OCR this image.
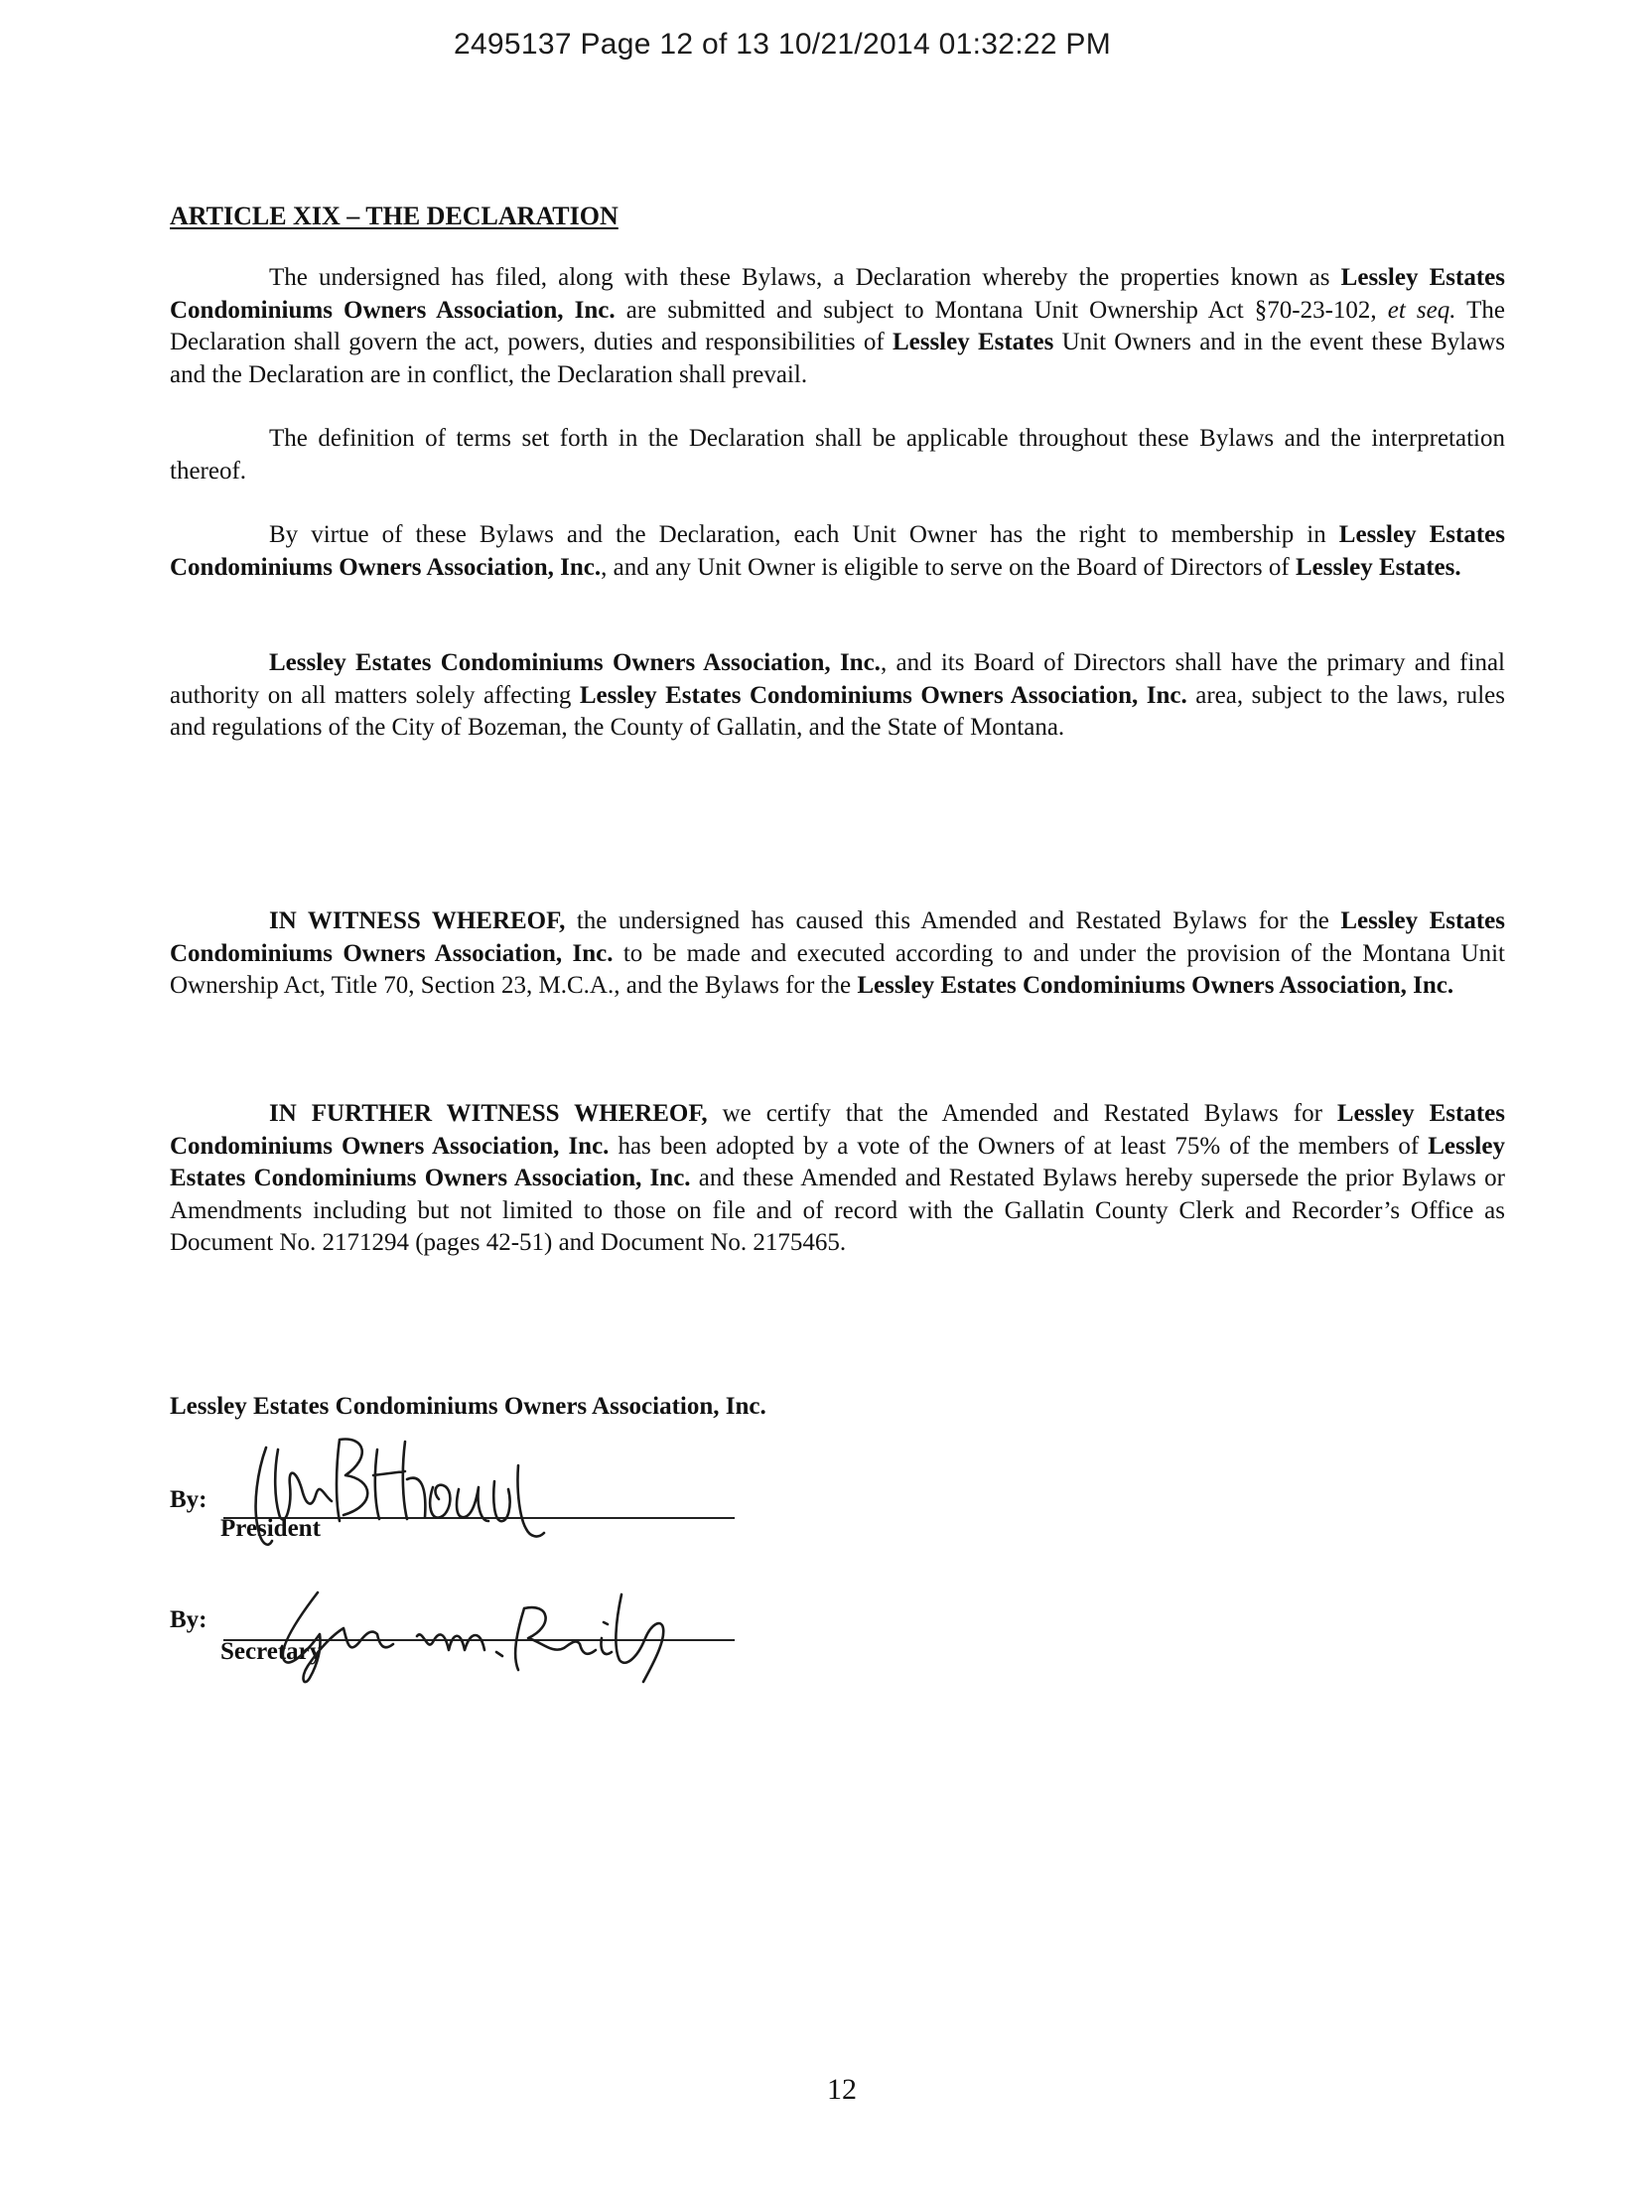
2495137 Page 12 of 13 10/21/2014 01:32:22 PM
ARTICLE XIX – THE DECLARATION

The undersigned has filed, along with these Bylaws, a Declaration whereby the properties known as Lessley Estates Condominiums Owners Association, Inc. are submitted and subject to Montana Unit Ownership Act §70-23-102, et seq. The Declaration shall govern the act, powers, duties and responsibilities of Lessley Estates Unit Owners and in the event these Bylaws and the Declaration are in conflict, the Declaration shall prevail.

The definition of terms set forth in the Declaration shall be applicable throughout these Bylaws and the interpretation thereof.

By virtue of these Bylaws and the Declaration, each Unit Owner has the right to membership in Lessley Estates Condominiums Owners Association, Inc., and any Unit Owner is eligible to serve on the Board of Directors of Lessley Estates.

Lessley Estates Condominiums Owners Association, Inc., and its Board of Directors shall have the primary and final authority on all matters solely affecting Lessley Estates Condominiums Owners Association, Inc. area, subject to the laws, rules and regulations of the City of Bozeman, the County of Gallatin, and the State of Montana.

IN WITNESS WHEREOF, the undersigned has caused this Amended and Restated Bylaws for the Lessley Estates Condominiums Owners Association, Inc. to be made and executed according to and under the provision of the Montana Unit Ownership Act, Title 70, Section 23, M.C.A., and the Bylaws for the Lessley Estates Condominiums Owners Association, Inc.

IN FURTHER WITNESS WHEREOF, we certify that the Amended and Restated Bylaws for Lessley Estates Condominiums Owners Association, Inc. has been adopted by a vote of the Owners of at least 75% of the members of Lessley Estates Condominiums Owners Association, Inc. and these Amended and Restated Bylaws hereby supersede the prior Bylaws or Amendments including but not limited to those on file and of record with the Gallatin County Clerk and Recorder’s Office as Document No. 2171294 (pages 42-51) and Document No. 2175465.

Lessley Estates Condominiums Owners Association, Inc.
By:
President
By:
Secretary
12
